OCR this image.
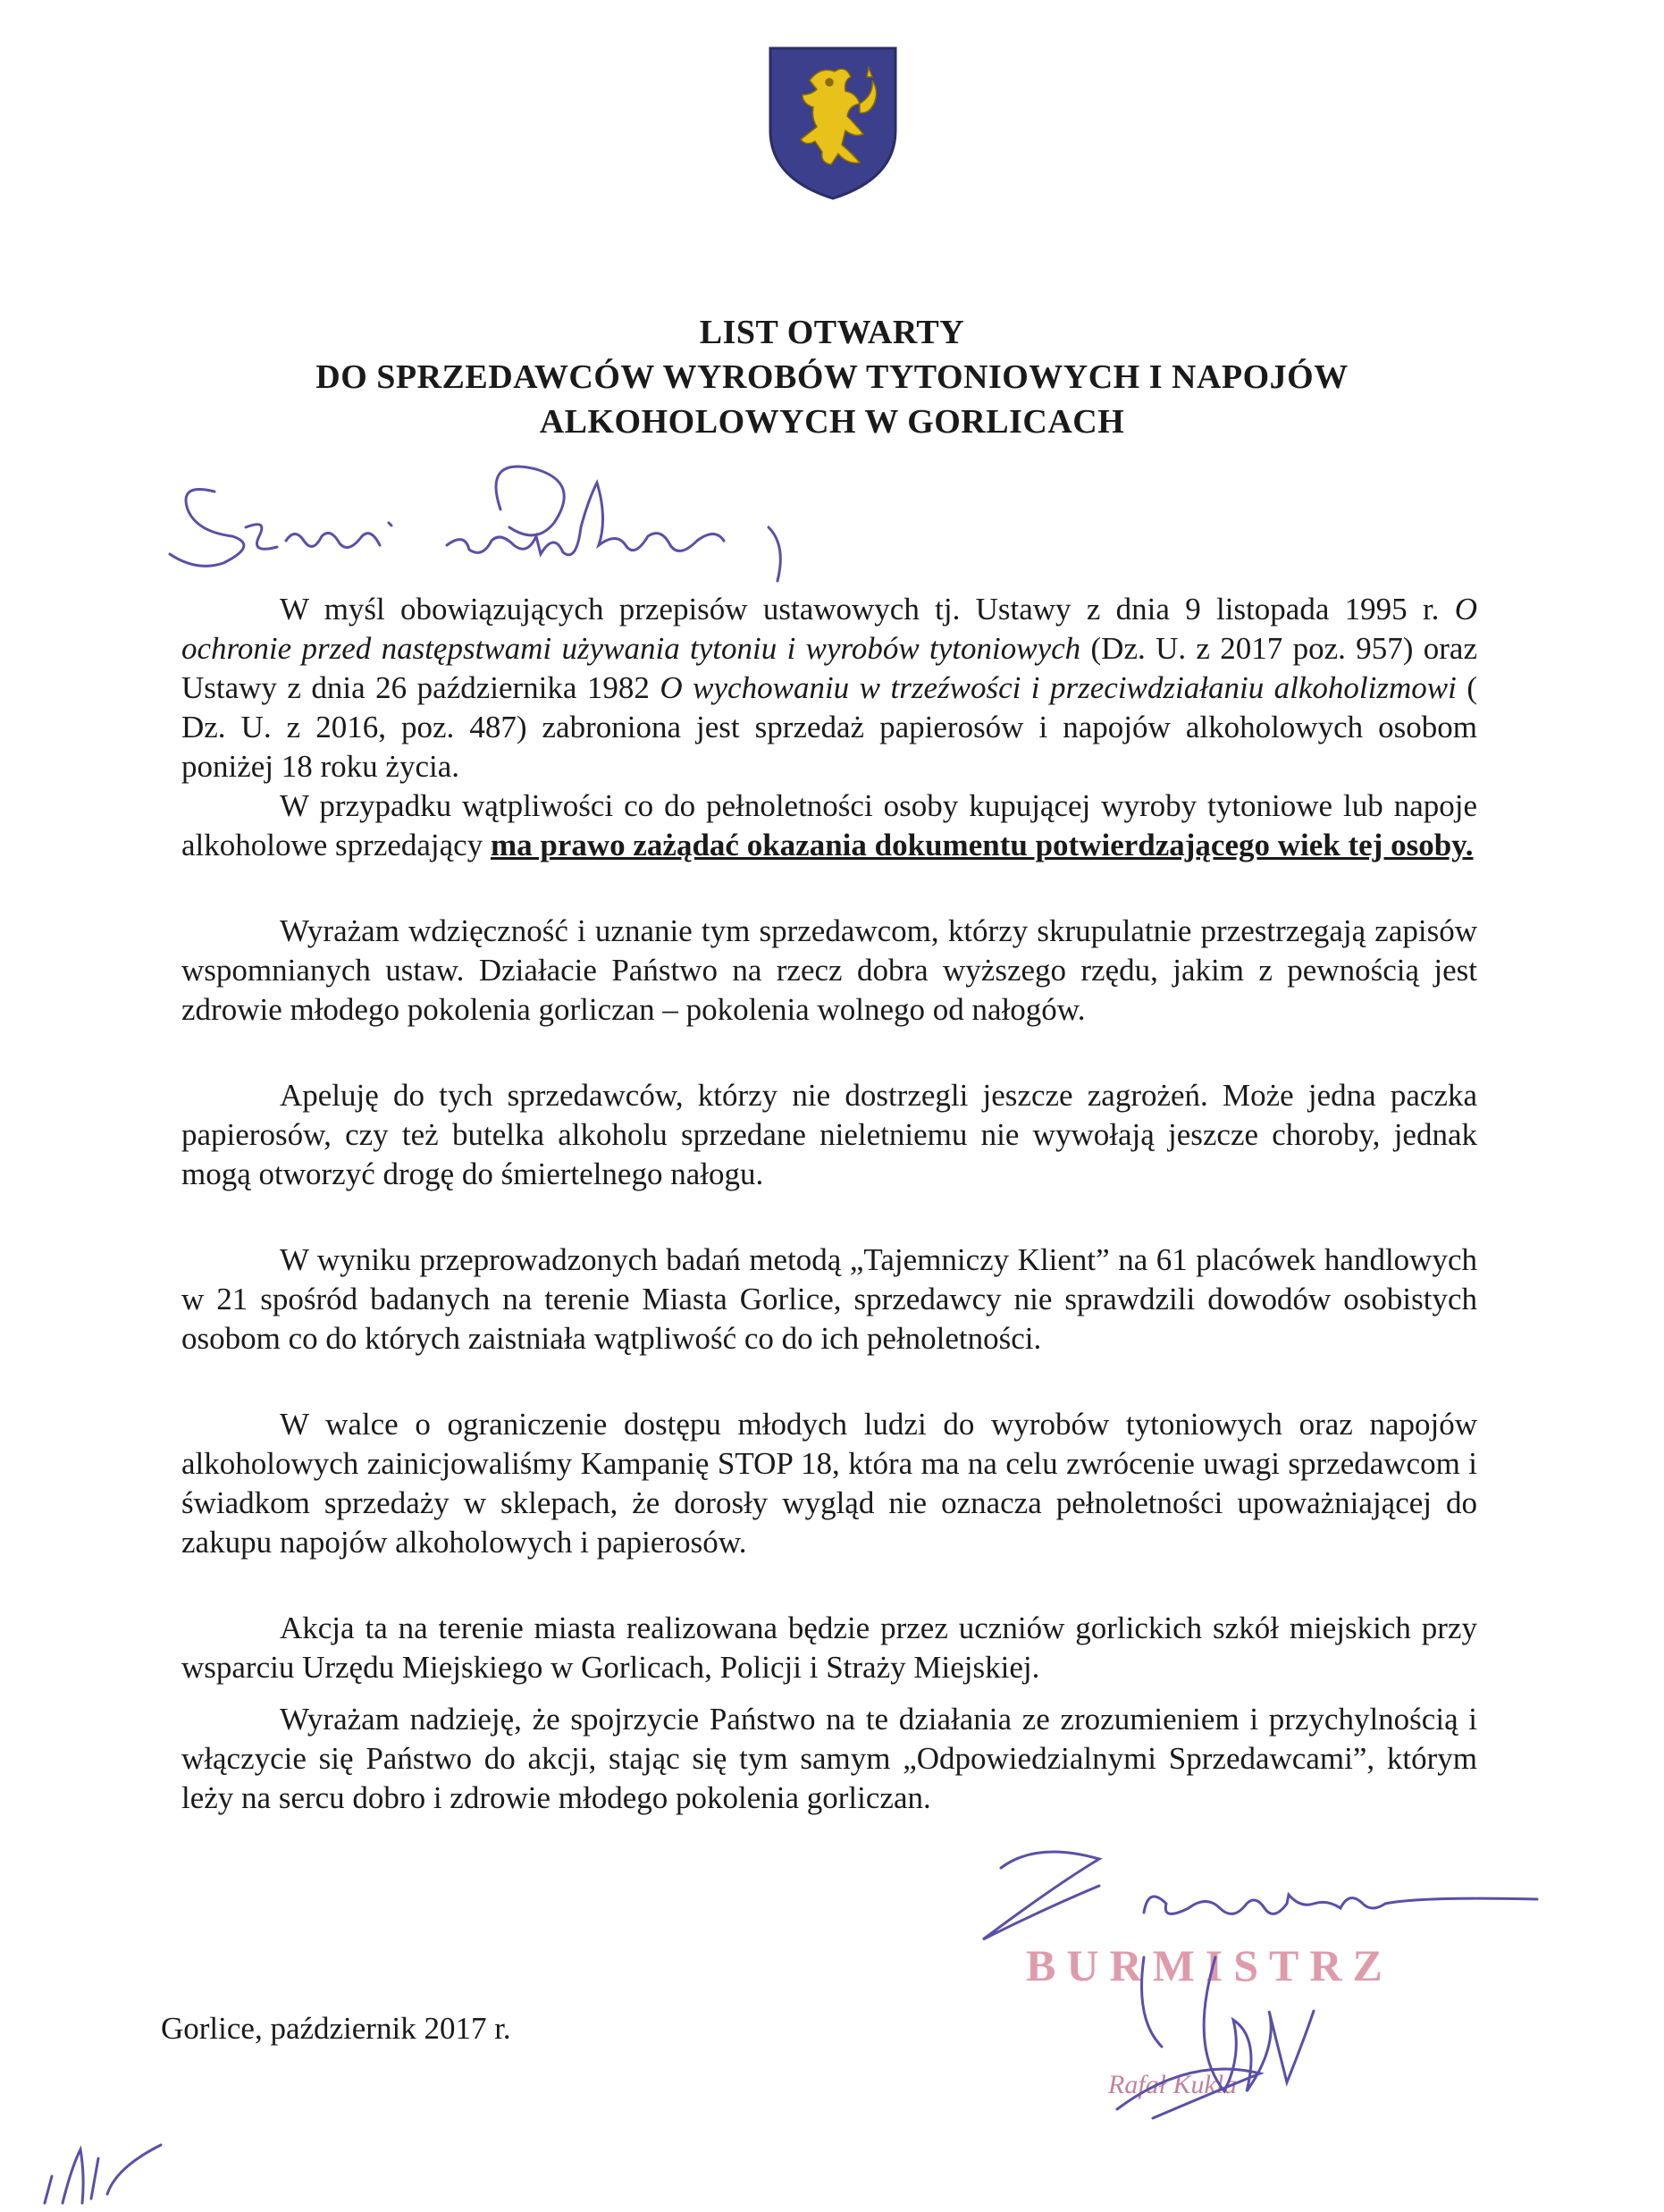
LIST OTWARTY
DO SPRZEDAWCÓW WYROBÓW TYTONIOWYCH I NAPOJÓW
ALKOHOLOWYCH W GORLICACH

W myśl obowiązujących przepisów ustawowych tj. Ustawy z dnia 9 listopada 1995 r. O ochronie przed następstwami używania tytoniu i wyrobów tytoniowych (Dz. U. z 2017 poz. 957) oraz Ustawy z dnia 26 października 1982 O wychowaniu w trzeźwości i przeciwdziałaniu alkoholizmowi ( Dz. U. z 2016, poz. 487) zabroniona jest sprzedaż papierosów i napojów alkoholowych osobom poniżej 18 roku życia.

W przypadku wątpliwości co do pełnoletności osoby kupującej wyroby tytoniowe lub napoje alkoholowe sprzedający ma prawo zażądać okazania dokumentu potwierdzającego wiek tej osoby.

Wyrażam wdzięczność i uznanie tym sprzedawcom, którzy skrupulatnie przestrzegają zapisów wspomnianych ustaw. Działacie Państwo na rzecz dobra wyższego rzędu, jakim z pewnością jest zdrowie młodego pokolenia gorliczan – pokolenia wolnego od nałogów.

Apeluję do tych sprzedawców, którzy nie dostrzegli jeszcze zagrożeń. Może jedna paczka papierosów, czy też butelka alkoholu sprzedane nieletniemu nie wywołają jeszcze choroby, jednak mogą otworzyć drogę do śmiertelnego nałogu.

W wyniku przeprowadzonych badań metodą „Tajemniczy Klient” na 61 placówek handlowych w 21 spośród badanych na terenie Miasta Gorlice, sprzedawcy nie sprawdzili dowodów osobistych osobom co do których zaistniała wątpliwość co do ich pełnoletności.

W walce o ograniczenie dostępu młodych ludzi do wyrobów tytoniowych oraz napojów alkoholowych zainicjowaliśmy Kampanię STOP 18, która ma na celu zwrócenie uwagi sprzedawcom i świadkom sprzedaży w sklepach, że dorosły wygląd nie oznacza pełnoletności upoważniającej do zakupu napojów alkoholowych i papierosów.

Akcja ta na terenie miasta realizowana będzie przez uczniów gorlickich szkół miejskich przy wsparciu Urzędu Miejskiego w Gorlicach, Policji i Straży Miejskiej.

Wyrażam nadzieję, że spojrzycie Państwo na te działania ze zrozumieniem i przychylnością i włączycie się Państwo do akcji, stając się tym samym „Odpowiedzialnymi Sprzedawcami”, którym leży na sercu dobro i zdrowie młodego pokolenia gorliczan.

Gorlice, październik 2017 r.
BURMISTRZ
Rafał Kukla
